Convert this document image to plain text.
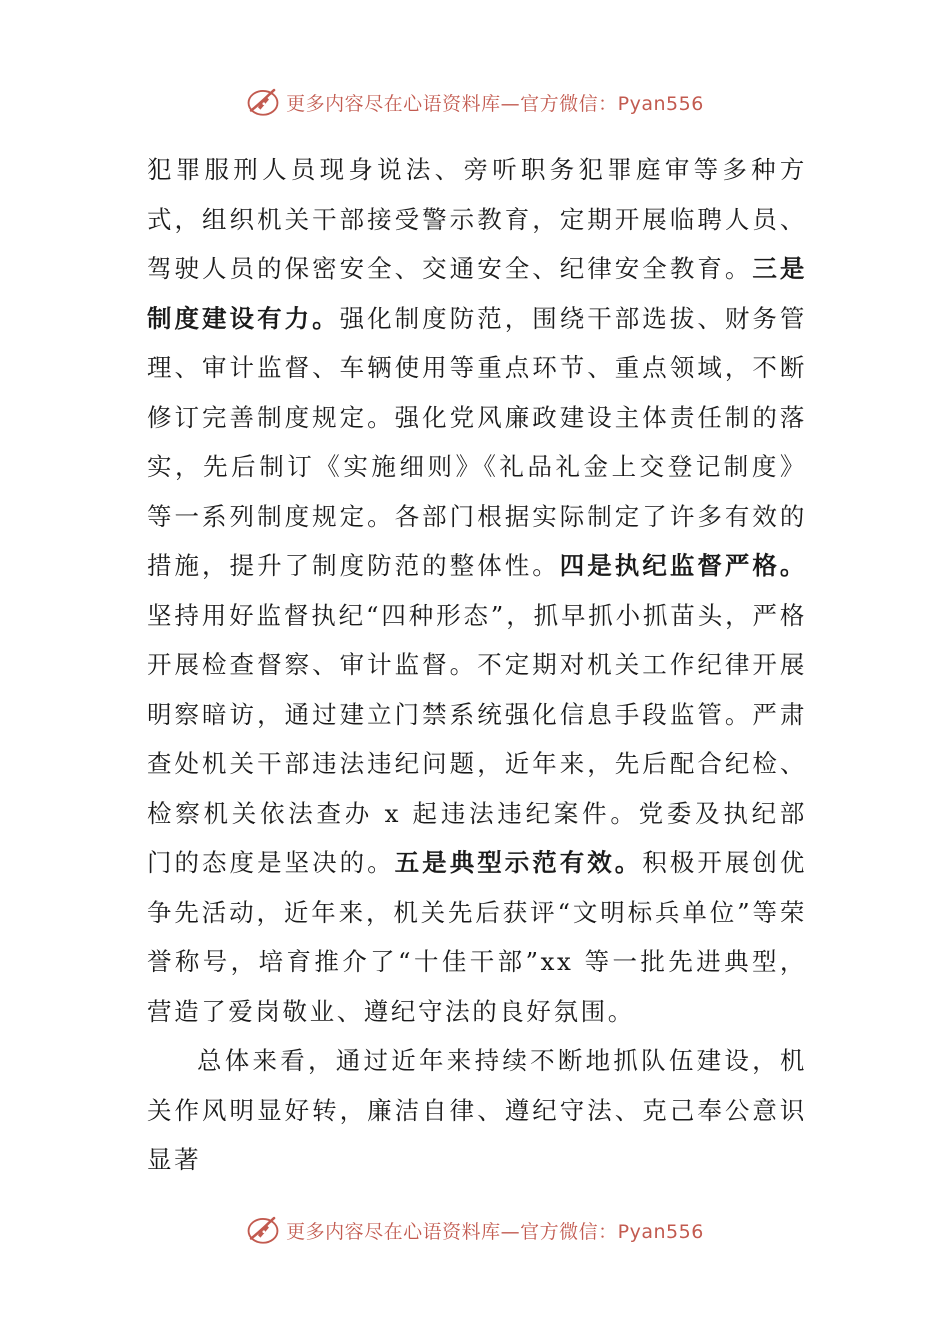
更多内容尽在心语资料库—官方微信：Pyan556

犯罪服刑人员现身说法、旁听职务犯罪庭审等多种方式，组织机关干部接受警示教育，定期开展临聘人员、驾驶人员的保密安全、交通安全、纪律安全教育。三是制度建设有力。强化制度防范，围绕干部选拔、财务管理、审计监督、车辆使用等重点环节、重点领域，不断修订完善制度规定。强化党风廉政建设主体责任制的落实，先后制订《实施细则》《礼品礼金上交登记制度》等一系列制度规定。各部门根据实际制定了许多有效的措施，提升了制度防范的整体性。四是执纪监督严格。坚持用好监督执纪“四种形态”，抓早抓小抓苗头，严格开展检查督察、审计监督。不定期对机关工作纪律开展明察暗访，通过建立门禁系统强化信息手段监管。严肃查处机关干部违法违纪问题，近年来，先后配合纪检、检察机关依法查办 x 起违法违纪案件。党委及执纪部门的态度是坚决的。五是典型示范有效。积极开展创优争先活动，近年来，机关先后获评“文明标兵单位”等荣誉称号，培育推介了“十佳干部”xx 等一批先进典型，营造了爱岗敬业、遵纪守法的良好氛围。

总体来看，通过近年来持续不断地抓队伍建设，机关作风明显好转，廉洁自律、遵纪守法、克己奉公意识显著

更多内容尽在心语资料库—官方微信：Pyan556
